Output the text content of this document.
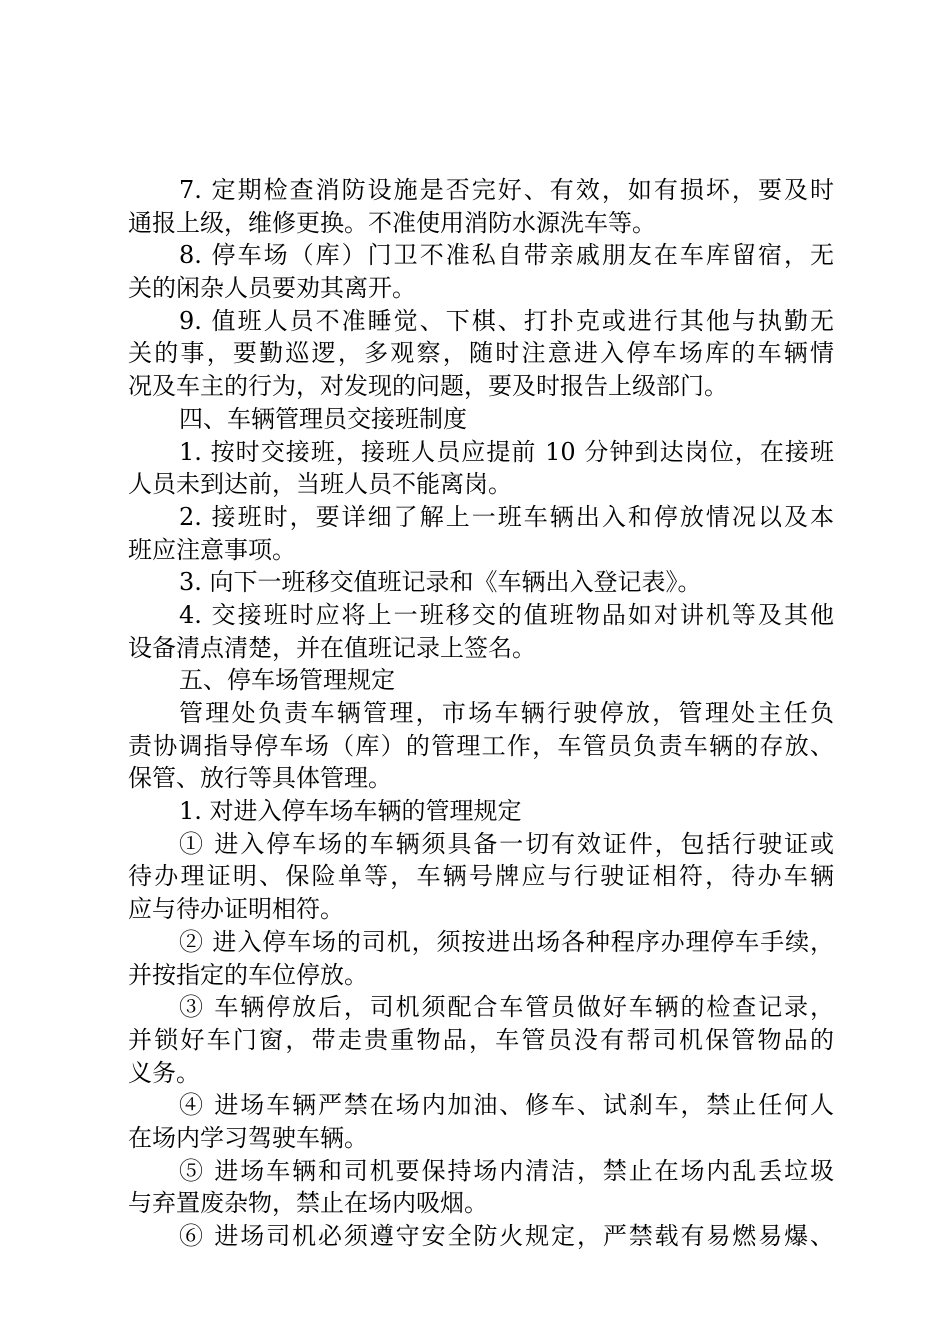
7. 定期检查消防设施是否完好、有效，如有损坏，要及时
通报上级，维修更换。不准使用消防水源洗车等。
8. 停车场（库）门卫不准私自带亲戚朋友在车库留宿，无
关的闲杂人员要劝其离开。
9. 值班人员不准睡觉、下棋、打扑克或进行其他与执勤无
关的事，要勤巡逻，多观察，随时注意进入停车场库的车辆情
况及车主的行为，对发现的问题，要及时报告上级部门。
四、车辆管理员交接班制度
1. 按时交接班，接班人员应提前 10 分钟到达岗位，在接班
人员未到达前，当班人员不能离岗。
2. 接班时，要详细了解上一班车辆出入和停放情况以及本
班应注意事项。
3. 向下一班移交值班记录和《车辆出入登记表》。
4. 交接班时应将上一班移交的值班物品如对讲机等及其他
设备清点清楚，并在值班记录上签名。
五、停车场管理规定
管理处负责车辆管理，市场车辆行驶停放，管理处主任负
责协调指导停车场（库）的管理工作，车管员负责车辆的存放、
保管、放行等具体管理。
1. 对进入停车场车辆的管理规定
① 进入停车场的车辆须具备一切有效证件，包括行驶证或
待办理证明、保险单等，车辆号牌应与行驶证相符，待办车辆
应与待办证明相符。
② 进入停车场的司机，须按进出场各种程序办理停车手续，
并按指定的车位停放。
③ 车辆停放后，司机须配合车管员做好车辆的检查记录，
并锁好车门窗，带走贵重物品，车管员没有帮司机保管物品的
义务。
④ 进场车辆严禁在场内加油、修车、试刹车，禁止任何人
在场内学习驾驶车辆。
⑤ 进场车辆和司机要保持场内清洁，禁止在场内乱丢垃圾
与弃置废杂物，禁止在场内吸烟。
⑥ 进场司机必须遵守安全防火规定，严禁载有易燃易爆、
